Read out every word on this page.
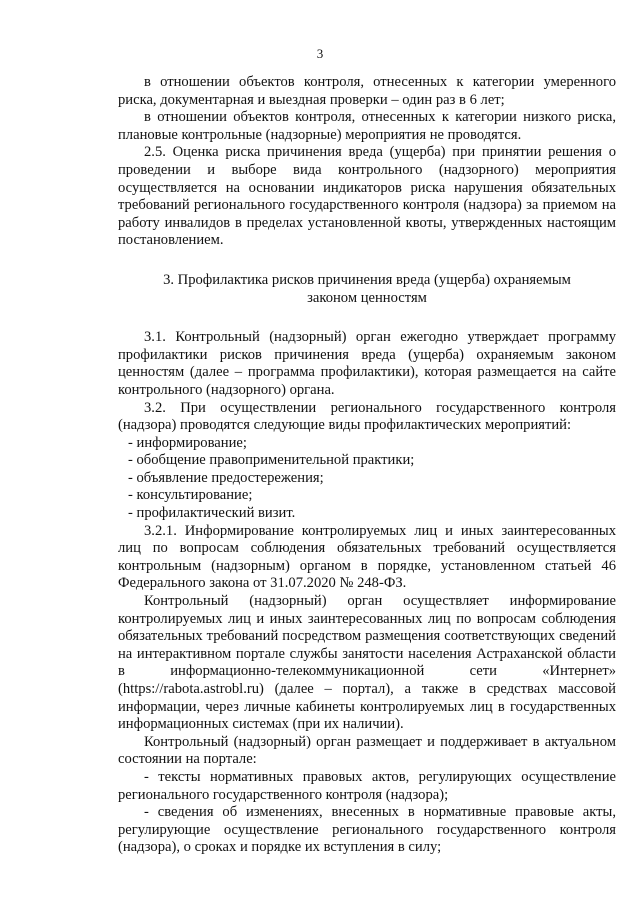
3

в отношении объектов контроля, отнесенных к категории умеренного риска, документарная и выездная проверки – один раз в 6 лет;

в отношении объектов контроля, отнесенных к категории низкого риска, плановые контрольные (надзорные) мероприятия не проводятся.

2.5. Оценка риска причинения вреда (ущерба) при принятии решения о проведении и выборе вида контрольного (надзорного) мероприятия осуществляется на основании индикаторов риска нарушения обязательных требований регионального государственного контроля (надзора) за приемом на работу инвалидов в пределах установленной квоты, утвержденных настоящим постановлением.

3. Профилактика рисков причинения вреда (ущерба) охраняемым
законом ценностям

3.1. Контрольный (надзорный) орган ежегодно утверждает программу профилактики рисков причинения вреда (ущерба) охраняемым законом ценностям (далее – программа профилактики), которая размещается на сайте контрольного (надзорного) органа.

3.2. При осуществлении регионального государственного контроля (надзора) проводятся следующие виды профилактических мероприятий:

- информирование;

- обобщение правоприменительной практики;

- объявление предостережения;

- консультирование;

- профилактический визит.

3.2.1. Информирование контролируемых лиц и иных заинтересованных лиц по вопросам соблюдения обязательных требований осуществляется контрольным (надзорным) органом в порядке, установленном статьей 46 Федерального закона от 31.07.2020 № 248-ФЗ.

Контрольный (надзорный) орган осуществляет информирование контролируемых лиц и иных заинтересованных лиц по вопросам соблюдения обязательных требований посредством размещения соответствующих сведений на интерактивном портале службы занятости населения Астраханской области в информационно-телекоммуникационной сети «Интернет» (https://rabota.astrobl.ru) (далее – портал), а также в средствах массовой информации, через личные кабинеты контролируемых лиц в государственных информационных системах (при их наличии).

Контрольный (надзорный) орган размещает и поддерживает в актуальном состоянии на портале:

- тексты нормативных правовых актов, регулирующих осуществление регионального государственного контроля (надзора);

- сведения об изменениях, внесенных в нормативные правовые акты, регулирующие осуществление регионального государственного контроля (надзора), о сроках и порядке их вступления в силу;
